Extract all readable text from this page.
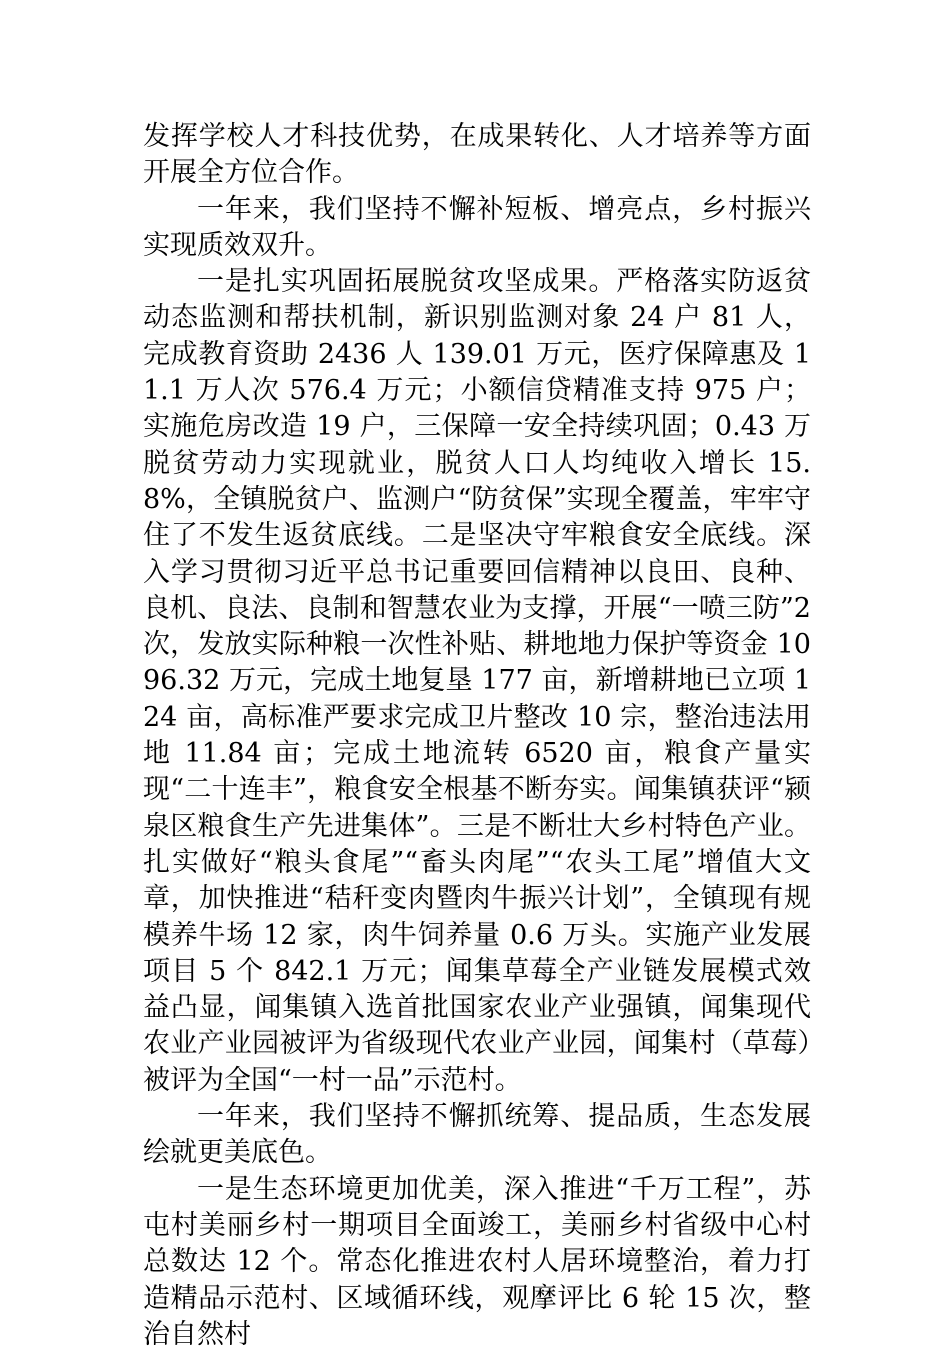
发挥学校人才科技优势，在成果转化、人才培养等方面开展全方位合作。

一年来，我们坚持不懈补短板、增亮点，乡村振兴实现质效双升。

一是扎实巩固拓展脱贫攻坚成果。严格落实防返贫动态监测和帮扶机制，新识别监测对象 24 户 81 人，完成教育资助 2436 人 139.01 万元，医疗保障惠及 11.1 万人次 576.4 万元；小额信贷精准支持 975 户；实施危房改造 19 户，三保障一安全持续巩固；0.43 万脱贫劳动力实现就业，脱贫人口人均纯收入增长 15.8%，全镇脱贫户、监测户“防贫保”实现全覆盖，牢牢守住了不发生返贫底线。二是坚决守牢粮食安全底线。深入学习贯彻习近平总书记重要回信精神以良田、良种、良机、良法、良制和智慧农业为支撑，开展“一喷三防”2 次，发放实际种粮一次性补贴、耕地地力保护等资金 1096.32 万元，完成土地复垦 177 亩，新增耕地已立项 124 亩，高标准严要求完成卫片整改 10 宗，整治违法用地 11.84 亩；完成土地流转 6520 亩，粮食产量实现“二十连丰”，粮食安全根基不断夯实。闻集镇获评“颍泉区粮食生产先进集体”。三是不断壮大乡村特色产业。扎实做好“粮头食尾”“畜头肉尾”“农头工尾”增值大文章，加快推进“秸秆变肉暨肉牛振兴计划”，全镇现有规模养牛场 12 家，肉牛饲养量 0.6 万头。实施产业发展项目 5 个 842.1 万元；闻集草莓全产业链发展模式效益凸显，闻集镇入选首批国家农业产业强镇，闻集现代农业产业园被评为省级现代农业产业园，闻集村（草莓）被评为全国“一村一品”示范村。

一年来，我们坚持不懈抓统筹、提品质，生态发展绘就更美底色。

一是生态环境更加优美，深入推进“千万工程”，苏屯村美丽乡村一期项目全面竣工，美丽乡村省级中心村总数达 12 个。常态化推进农村人居环境整治，着力打造精品示范村、区域循环线，观摩评比 6 轮 15 次，整治自然村
